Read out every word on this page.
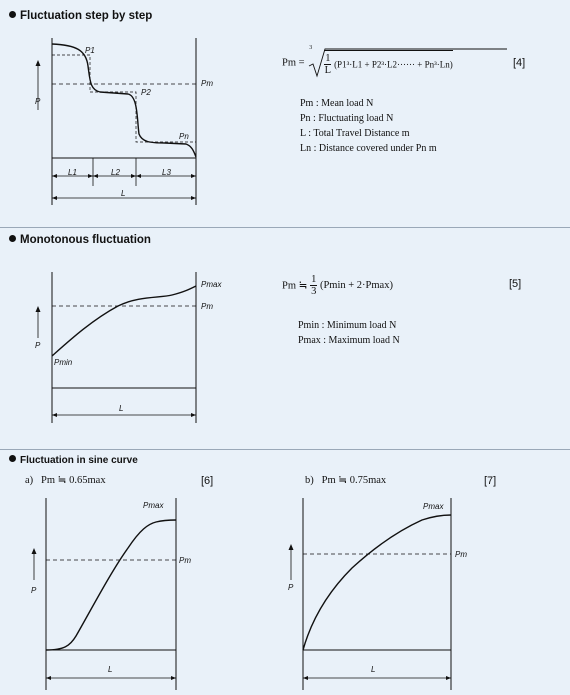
Fluctuation step by step
P
P1
P2
Pn
Pm
L1	L2	L3
L
Pm =
3
$\frac{1}{L} (P1^3\cdot L1 + P2^3\cdot L2\cdot\cdot\cdot\cdot\cdot\cdot + Pn^3\cdot Ln)$	[4]
Pm : Mean load N
Pn : Fluctuating load N
L : Total Travel Distance m
Ln : Distance covered under Pn m
Monotonous fluctuation
P
Pmax
Pm
Pmin
L
Pm ≒ $\frac{1}{3} (Pmin + 2\cdot Pmax)$	[5]
Pmin : Minimum load N
Pmax : Maximum load N
Fluctuation in sine curve
a) Pm ≒ 0.65max	[6]	b) Pm ≒ 0.75max	[7]
P
Pmax
Pm
L
P
Pmax
Pm
L
